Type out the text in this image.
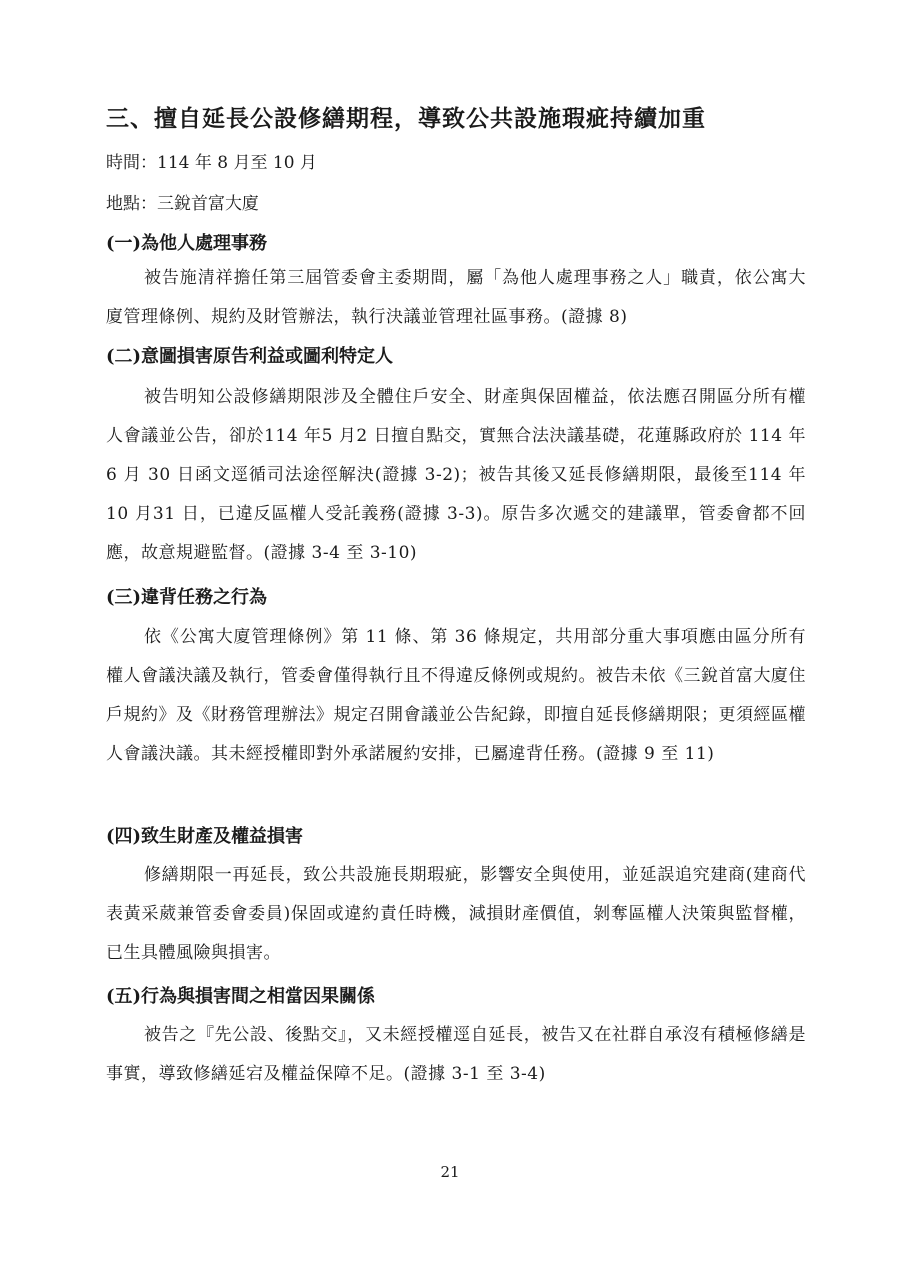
三、擅自延長公設修繕期程，導致公共設施瑕疵持續加重
時間：114 年 8 月至 10 月
地點：三銳首富大廈
(一)為他人處理事務
被告施清祥擔任第三屆管委會主委期間，屬「為他人處理事務之人」職責，依公寓大廈管理條例、規約及財管辦法，執行決議並管理社區事務。(證據 8)
(二)意圖損害原告利益或圖利特定人
被告明知公設修繕期限涉及全體住戶安全、財產與保固權益，依法應召開區分所有權人會議並公告，卻於114 年5 月2 日擅自點交，實無合法決議基礎，花蓮縣政府於 114 年 6 月 30 日函文逕循司法途徑解決(證據 3-2)；被告其後又延長修繕期限，最後至114 年10 月31 日，已違反區權人受託義務(證據 3-3)。原告多次遞交的建議單，管委會都不回應，故意規避監督。(證據 3-4 至 3-10)
(三)違背任務之行為
依《公寓大廈管理條例》第 11 條、第 36 條規定，共用部分重大事項應由區分所有權人會議決議及執行，管委會僅得執行且不得違反條例或規約。被告未依《三銳首富大廈住戶規約》及《財務管理辦法》規定召開會議並公告紀錄，即擅自延長修繕期限；更須經區權人會議決議。其未經授權即對外承諾履約安排，已屬違背任務。(證據 9 至 11)
(四)致生財產及權益損害
修繕期限一再延長，致公共設施長期瑕疵，影響安全與使用，並延誤追究建商(建商代表黃采葳兼管委會委員)保固或違約責任時機，減損財產價值，剝奪區權人決策與監督權，已生具體風險與損害。
(五)行為與損害間之相當因果關係
被告之『先公設、後點交』，又未經授權逕自延長，被告又在社群自承沒有積極修繕是事實，導致修繕延宕及權益保障不足。(證據 3-1 至 3-4)
21
